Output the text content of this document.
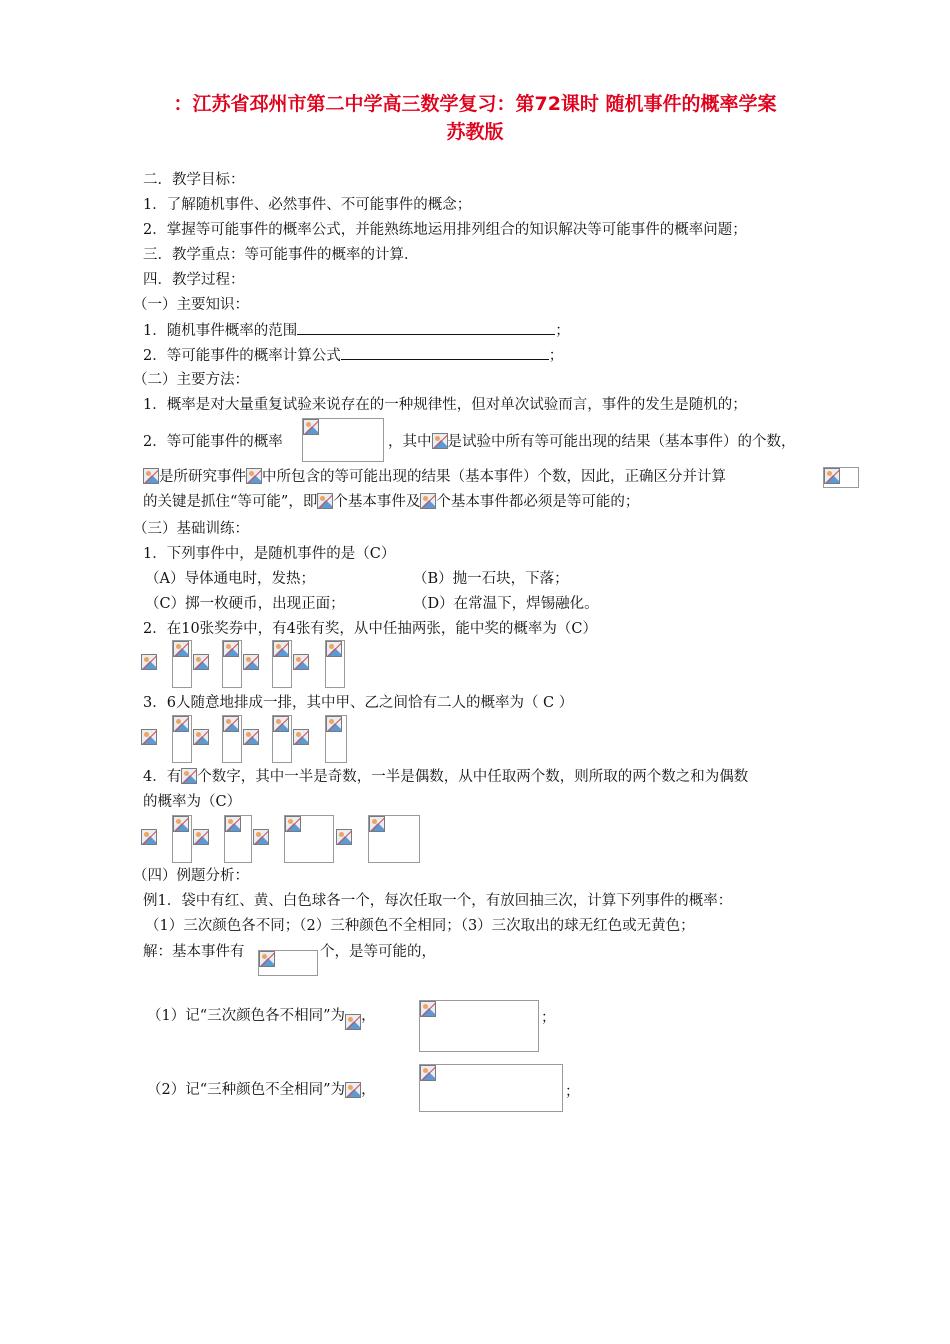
：江苏省邳州市第二中学高三数学复习：第72课时 随机事件的概率学案
苏教版
二．教学目标：
1．了解随机事件、必然事件、不可能事件的概念；
2．掌握等可能事件的概率公式，并能熟练地运用排列组合的知识解决等可能事件的概率问题；
三．教学重点：等可能事件的概率的计算．
四．教学过程：
（一）主要知识：
1．随机事件概率的范围	；
2．等可能事件的概率计算公式	；
（二）主要方法：
1．概率是对大量重复试验来说存在的一种规律性，但对单次试验而言，事件的发生是随机的；
2．等可能事件的概率	，其中 是试验中所有等可能出现的结果（基本事件）的个数，
是所研究事件 中所包含的等可能出现的结果（基本事件）个数，因此，正确区分并计算
的关键是抓住“等可能”，即 个基本事件及 个基本事件都必须是等可能的；
（三）基础训练：
1．下列事件中，是随机事件的是（C）
（A）导体通电时，发热；	（B）抛一石块，下落；
（C）掷一枚硬币，出现正面；	（D）在常温下，焊锡融化。
2．在10张奖券中，有4张有奖，从中任抽两张，能中奖的概率为（C）
3．6人随意地排成一排，其中甲、乙之间恰有二人的概率为（ C ）
4．有 个数字，其中一半是奇数，一半是偶数，从中任取两个数，则所取的两个数之和为偶数
的概率为（C）
（四）例题分析：
例1．袋中有红、黄、白色球各一个，每次任取一个，有放回抽三次，计算下列事件的概率：
（1）三次颜色各不同；（2）三种颜色不全相同；（3）三次取出的球无红色或无黄色；
解：基本事件有	个，是等可能的，
（1）记“三次颜色各不相同”为 ，	；
（2）记“三种颜色不全相同”为 ，	；
